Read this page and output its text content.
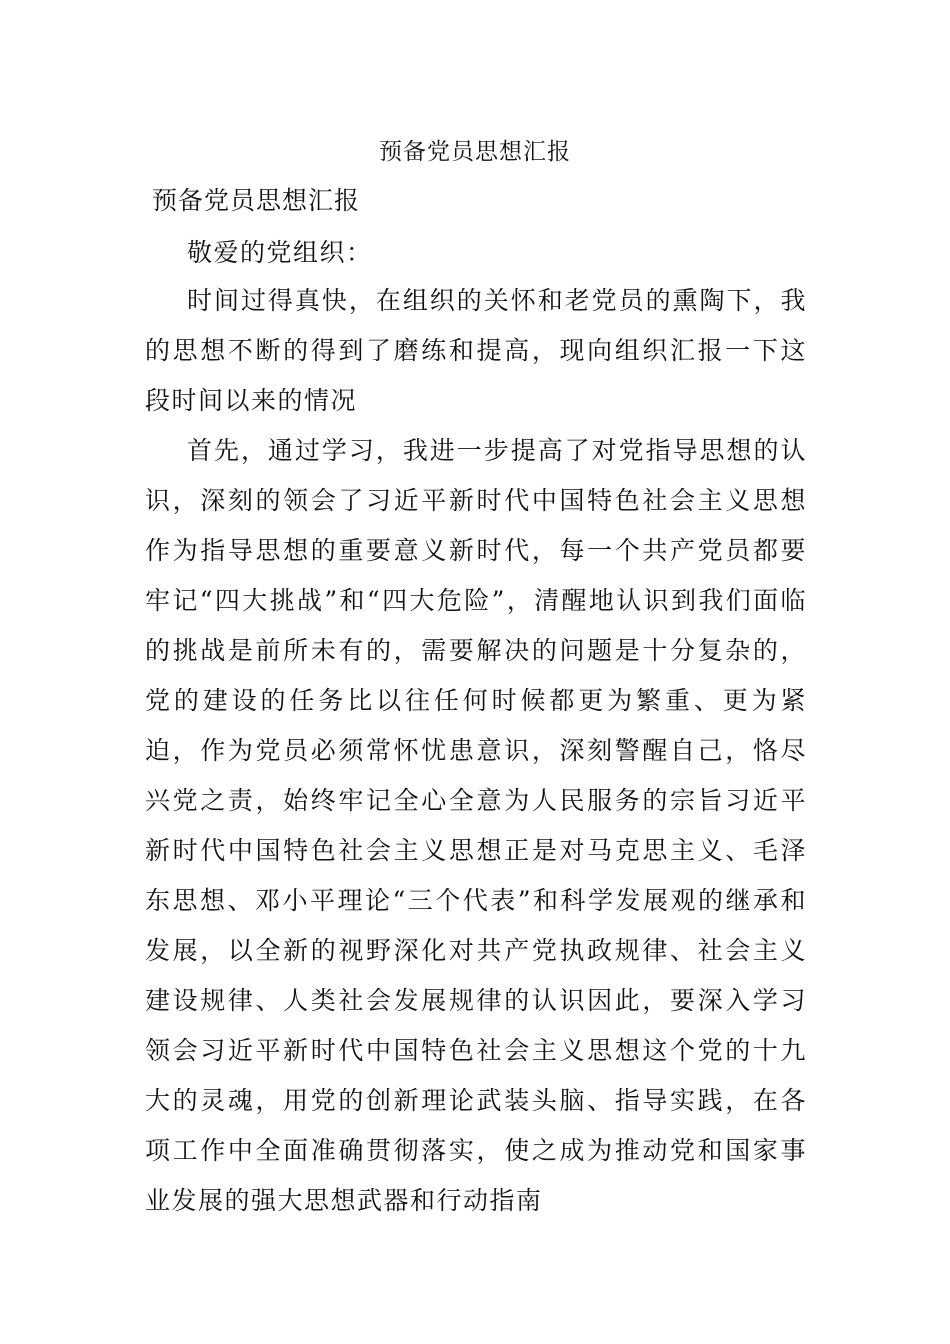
预备党员思想汇报
预备党员思想汇报
敬爱的党组织：
时间过得真快，在组织的关怀和老党员的熏陶下，我的思想不断的得到了磨练和提高，现向组织汇报一下这段时间以来的情况
首先，通过学习，我进一步提高了对党指导思想的认识，深刻的领会了习近平新时代中国特色社会主义思想作为指导思想的重要意义新时代，每一个共产党员都要牢记“四大挑战”和“四大危险”，清醒地认识到我们面临的挑战是前所未有的，需要解决的问题是十分复杂的，党的建设的任务比以往任何时候都更为繁重、更为紧迫，作为党员必须常怀忧患意识，深刻警醒自己，恪尽兴党之责，始终牢记全心全意为人民服务的宗旨习近平新时代中国特色社会主义思想正是对马克思主义、毛泽东思想、邓小平理论“三个代表”和科学发展观的继承和发展，以全新的视野深化对共产党执政规律、社会主义建设规律、人类社会发展规律的认识因此，要深入学习领会习近平新时代中国特色社会主义思想这个党的十九大的灵魂，用党的创新理论武装头脑、指导实践，在各项工作中全面准确贯彻落实，使之成为推动党和国家事业发展的强大思想武器和行动指南
